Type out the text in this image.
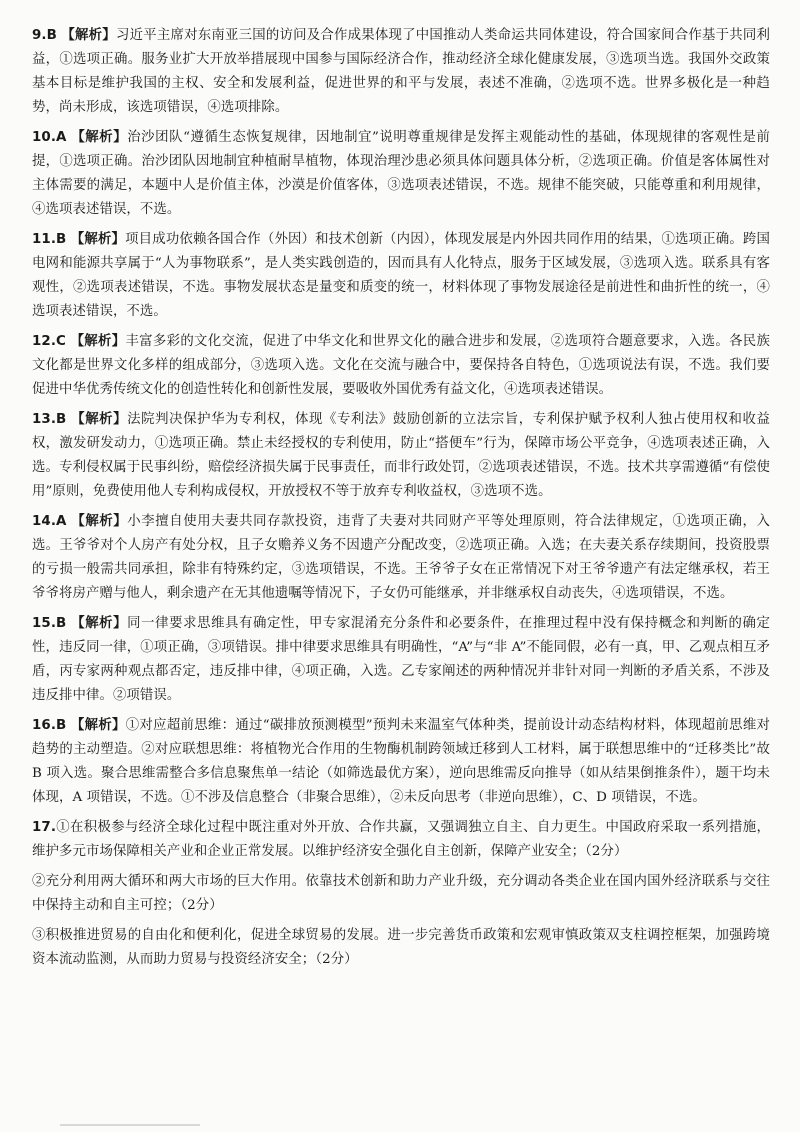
9.B 【解析】习近平主席对东南亚三国的访问及合作成果体现了中国推动人类命运共同体建设，符合国家间合作基于共同利益，①选项正确。服务业扩大开放举措展现中国参与国际经济合作，推动经济全球化健康发展，③选项当选。我国外交政策基本目标是维护我国的主权、安全和发展利益，促进世界的和平与发展，表述不准确，②选项不选。世界多极化是一种趋势，尚未形成，该选项错误，④选项排除。

10.A 【解析】治沙团队“遵循生态恢复规律，因地制宜”说明尊重规律是发挥主观能动性的基础，体现规律的客观性是前提，①选项正确。治沙团队因地制宜种植耐旱植物，体现治理沙患必须具体问题具体分析，②选项正确。价值是客体属性对主体需要的满足，本题中人是价值主体，沙漠是价值客体，③选项表述错误，不选。规律不能突破，只能尊重和利用规律，④选项表述错误，不选。

11.B 【解析】项目成功依赖各国合作（外因）和技术创新（内因），体现发展是内外因共同作用的结果，①选项正确。跨国电网和能源共享属于“人为事物联系”，是人类实践创造的，因而具有人化特点，服务于区域发展，③选项入选。联系具有客观性，②选项表述错误，不选。事物发展状态是量变和质变的统一，材料体现了事物发展途径是前进性和曲折性的统一，④选项表述错误，不选。

12.C 【解析】丰富多彩的文化交流，促进了中华文化和世界文化的融合进步和发展，②选项符合题意要求，入选。各民族文化都是世界文化多样的组成部分，③选项入选。文化在交流与融合中，要保持各自特色，①选项说法有误，不选。我们要促进中华优秀传统文化的创造性转化和创新性发展，要吸收外国优秀有益文化，④选项表述错误。

13.B 【解析】法院判决保护华为专利权，体现《专利法》鼓励创新的立法宗旨，专利保护赋予权利人独占使用权和收益权，激发研发动力，①选项正确。禁止未经授权的专利使用，防止“搭便车”行为，保障市场公平竞争，④选项表述正确，入选。专利侵权属于民事纠纷，赔偿经济损失属于民事责任，而非行政处罚，②选项表述错误，不选。技术共享需遵循“有偿使用”原则，免费使用他人专利构成侵权，开放授权不等于放弃专利收益权，③选项不选。

14.A 【解析】小李擅自使用夫妻共同存款投资，违背了夫妻对共同财产平等处理原则，符合法律规定，①选项正确，入选。王爷爷对个人房产有处分权，且子女赡养义务不因遗产分配改变，②选项正确。入选；在夫妻关系存续期间，投资股票的亏损一般需共同承担，除非有特殊约定，③选项错误，不选。王爷爷子女在正常情况下对王爷爷遗产有法定继承权，若王爷爷将房产赠与他人，剩余遗产在无其他遗嘱等情况下，子女仍可能继承，并非继承权自动丧失，④选项错误，不选。

15.B 【解析】同一律要求思维具有确定性，甲专家混淆充分条件和必要条件，在推理过程中没有保持概念和判断的确定性，违反同一律，①项正确，③项错误。排中律要求思维具有明确性，“A”与“非 A”不能同假，必有一真，甲、乙观点相互矛盾，丙专家两种观点都否定，违反排中律，④项正确，入选。乙专家阐述的两种情况并非针对同一判断的矛盾关系，不涉及违反排中律。②项错误。

16.B 【解析】①对应超前思维：通过“碳排放预测模型”预判未来温室气体种类，提前设计动态结构材料，体现超前思维对趋势的主动塑造。②对应联想思维：将植物光合作用的生物酶机制跨领域迁移到人工材料，属于联想思维中的“迁移类比”故 B 项入选。聚合思维需整合多信息聚焦单一结论（如筛选最优方案），逆向思维需反向推导（如从结果倒推条件），题干均未体现，A 项错误，不选。①不涉及信息整合（非聚合思维），②未反向思考（非逆向思维），C、D 项错误，不选。

17.①在积极参与经济全球化过程中既注重对外开放、合作共赢，又强调独立自主、自力更生。中国政府采取一系列措施，维护多元市场保障相关产业和企业正常发展。以维护经济安全强化自主创新，保障产业安全；（2分）

②充分利用两大循环和两大市场的巨大作用。依靠技术创新和助力产业升级，充分调动各类企业在国内国外经济联系与交往中保持主动和自主可控；（2分）

③积极推进贸易的自由化和便利化，促进全球贸易的发展。进一步完善货币政策和宏观审慎政策双支柱调控框架，加强跨境资本流动监测，从而助力贸易与投资经济安全；（2分）
